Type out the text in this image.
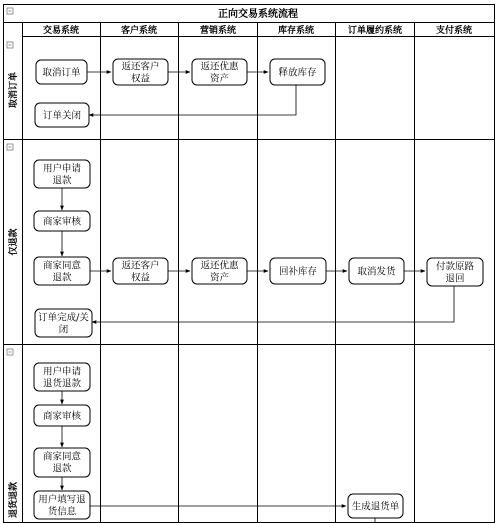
正向交易系统流程
交易系统	客户系统	营销系统	库存系统	订单履约系统	支付系统
取消订单
仅退款
退货退款
取消订单
返还客户
权益
返还优惠
资产
释放库存
订单关闭
用户申请
退款
商家审核
商家同意
退款
返还客户
权益
返还优惠
资产
回补库存	取消发货	付款原路
退回
订单完成/关
闭
用户申请
退货退款
商家审核
商家同意
退款
用户填写退
货信息	生成退货单
